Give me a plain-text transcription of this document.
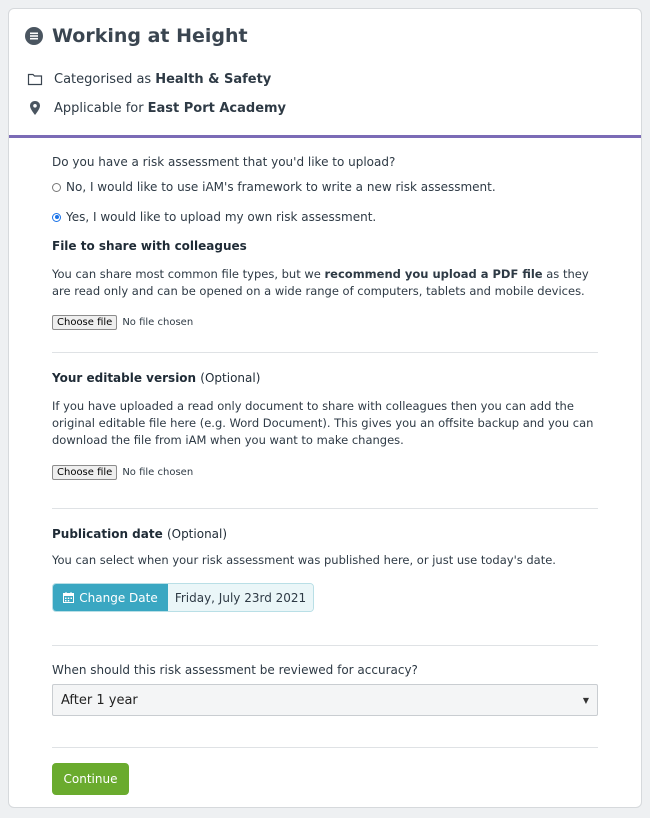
Working at Height
Categorised as Health & Safety
Applicable for East Port Academy
Do you have a risk assessment that you'd like to upload?
No, I would like to use iAM's framework to write a new risk assessment.
Yes, I would like to upload my own risk assessment.
File to share with colleagues
You can share most common file types, but we recommend you upload a PDF file as they are read only and can be opened on a wide range of computers, tablets and mobile devices.
Choose file	No file chosen
Your editable version (Optional)
If you have uploaded a read only document to share with colleagues then you can add the original editable file here (e.g. Word Document). This gives you an offsite backup and you can download the file from iAM when you want to make changes.
Choose file	No file chosen
Publication date (Optional)
You can select when your risk assessment was published here, or just use today's date.
Change Date	Friday, July 23rd 2021
When should this risk assessment be reviewed for accuracy?
After 1 year	▼
Continue
